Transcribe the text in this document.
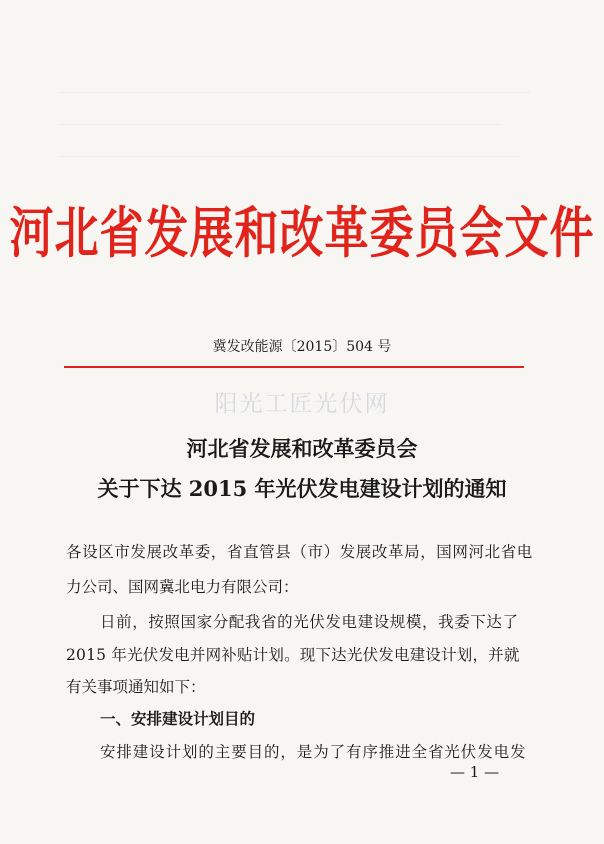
河北省发展和改革委员会文件
冀发改能源〔2015〕504 号
阳光工匠光伏网
河北省发展和改革委员会
关于下达 2015 年光伏发电建设计划的通知
各设区市发展改革委，省直管县（市）发展改革局，国网河北省电
力公司、国网冀北电力有限公司：
日前，按照国家分配我省的光伏发电建设规模，我委下达了
2015 年光伏发电并网补贴计划。现下达光伏发电建设计划，并就
有关事项通知如下：
一、安排建设计划目的
安排建设计划的主要目的，是为了有序推进全省光伏发电发
— 1 —
